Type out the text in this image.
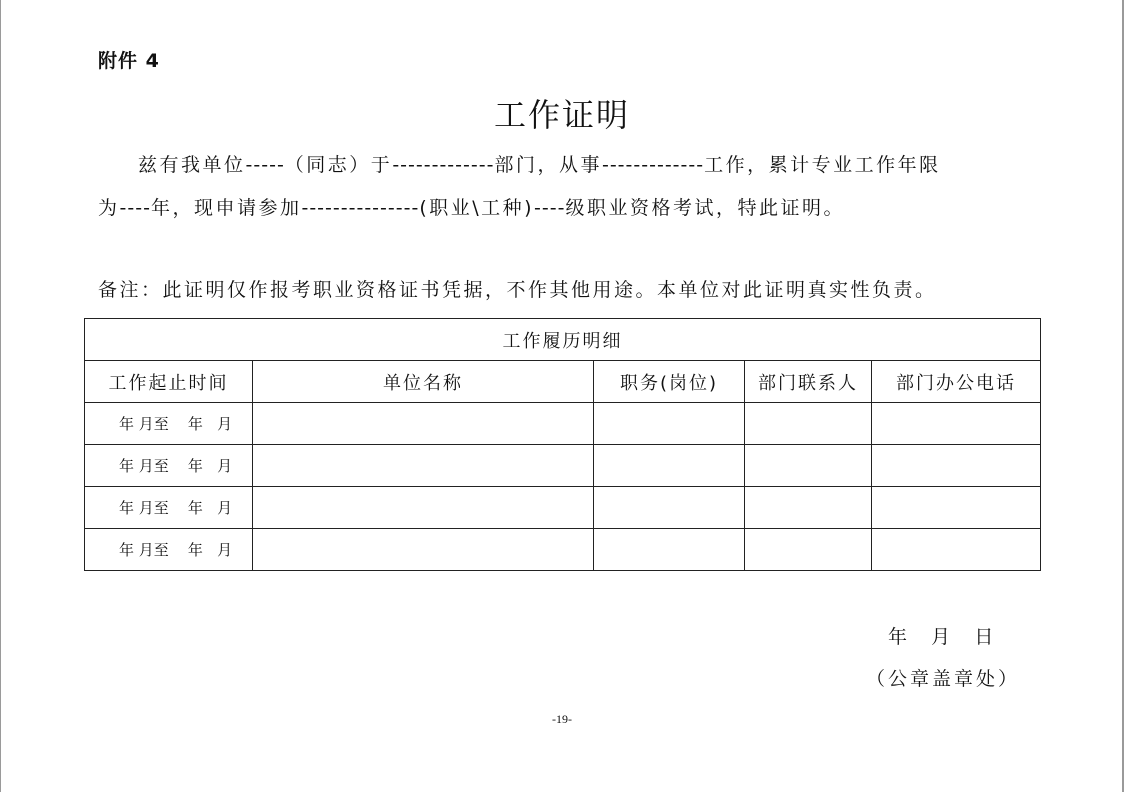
附件 4
工作证明
兹有我单位-----（同志）于-------------部门，从事-------------工作，累计专业工作年限
为----年，现申请参加---------------(职业\工种)----级职业资格考试，特此证明。
备注：此证明仅作报考职业资格证书凭据，不作其他用途。本单位对此证明真实性负责。
工作履历明细				
工作起止时间	单位名称	职务(岗位)	部门联系人	部门办公电话
年 月至    年   月				
年 月至    年   月				
年 月至    年   月				
年 月至    年   月				
年    月    日
（公章盖章处）
-19-
